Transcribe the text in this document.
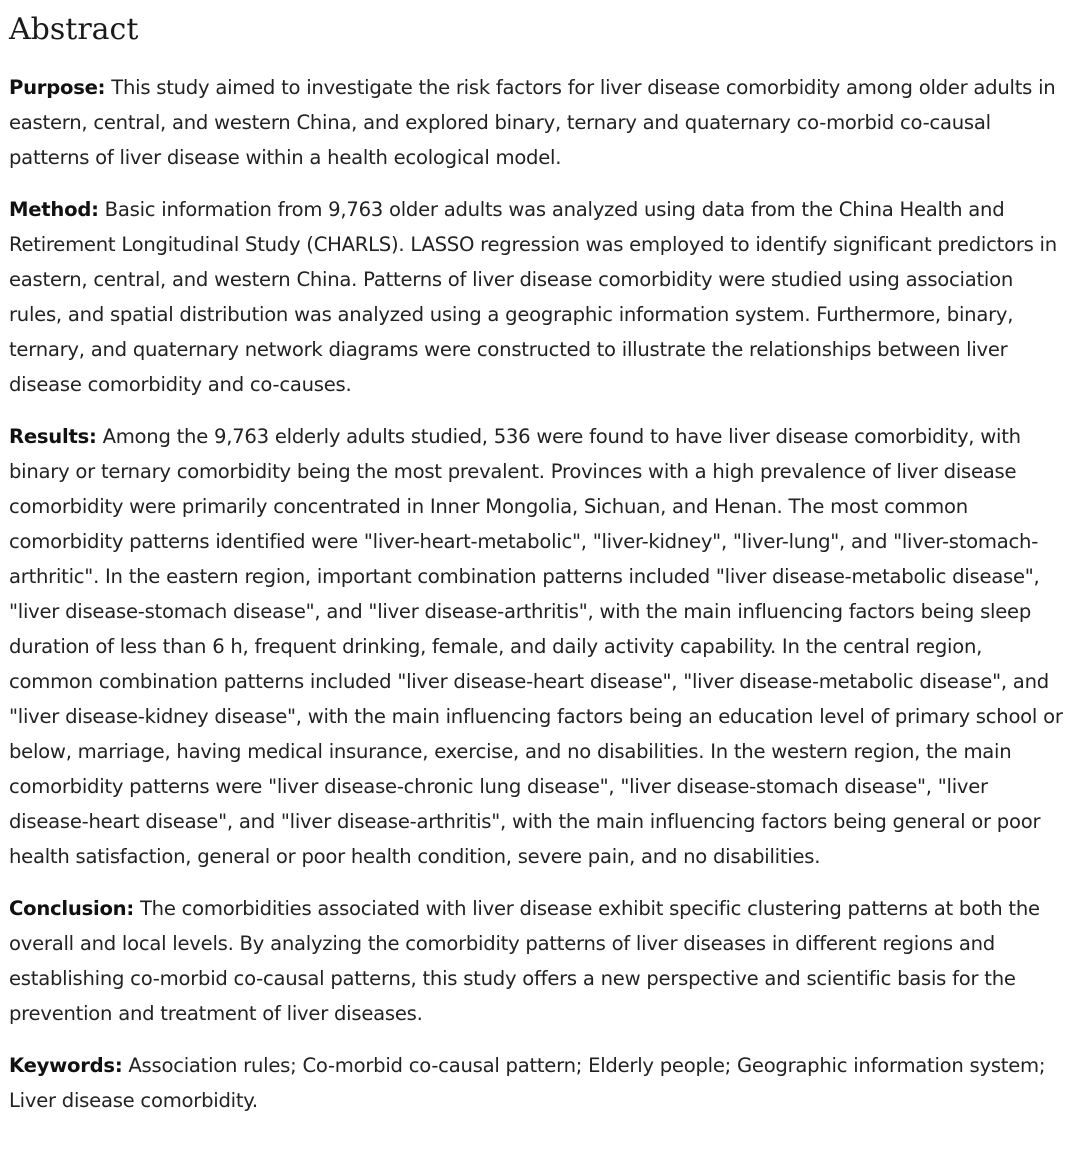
Abstract

Purpose: This study aimed to investigate the risk factors for liver disease comorbidity among older adults in eastern, central, and western China, and explored binary, ternary and quaternary co-morbid co-causal patterns of liver disease within a health ecological model.

Method: Basic information from 9,763 older adults was analyzed using data from the China Health and Retirement Longitudinal Study (CHARLS). LASSO regression was employed to identify significant predictors in eastern, central, and western China. Patterns of liver disease comorbidity were studied using association rules, and spatial distribution was analyzed using a geographic information system. Furthermore, binary, ternary, and quaternary network diagrams were constructed to illustrate the relationships between liver disease comorbidity and co-causes.

Results: Among the 9,763 elderly adults studied, 536 were found to have liver disease comorbidity, with binary or ternary comorbidity being the most prevalent. Provinces with a high prevalence of liver disease comorbidity were primarily concentrated in Inner Mongolia, Sichuan, and Henan. The most common comorbidity patterns identified were "liver-heart-metabolic", "liver-kidney", "liver-lung", and "liver-stomach-arthritic". In the eastern region, important combination patterns included "liver disease-metabolic disease", "liver disease-stomach disease", and "liver disease-arthritis", with the main influencing factors being sleep duration of less than 6 h, frequent drinking, female, and daily activity capability. In the central region, common combination patterns included "liver disease-heart disease", "liver disease-metabolic disease", and "liver disease-kidney disease", with the main influencing factors being an education level of primary school or below, marriage, having medical insurance, exercise, and no disabilities. In the western region, the main comorbidity patterns were "liver disease-chronic lung disease", "liver disease-stomach disease", "liver disease-heart disease", and "liver disease-arthritis", with the main influencing factors being general or poor health satisfaction, general or poor health condition, severe pain, and no disabilities.

Conclusion: The comorbidities associated with liver disease exhibit specific clustering patterns at both the overall and local levels. By analyzing the comorbidity patterns of liver diseases in different regions and establishing co-morbid co-causal patterns, this study offers a new perspective and scientific basis for the prevention and treatment of liver diseases.

Keywords: Association rules; Co-morbid co-causal pattern; Elderly people; Geographic information system; Liver disease comorbidity.
